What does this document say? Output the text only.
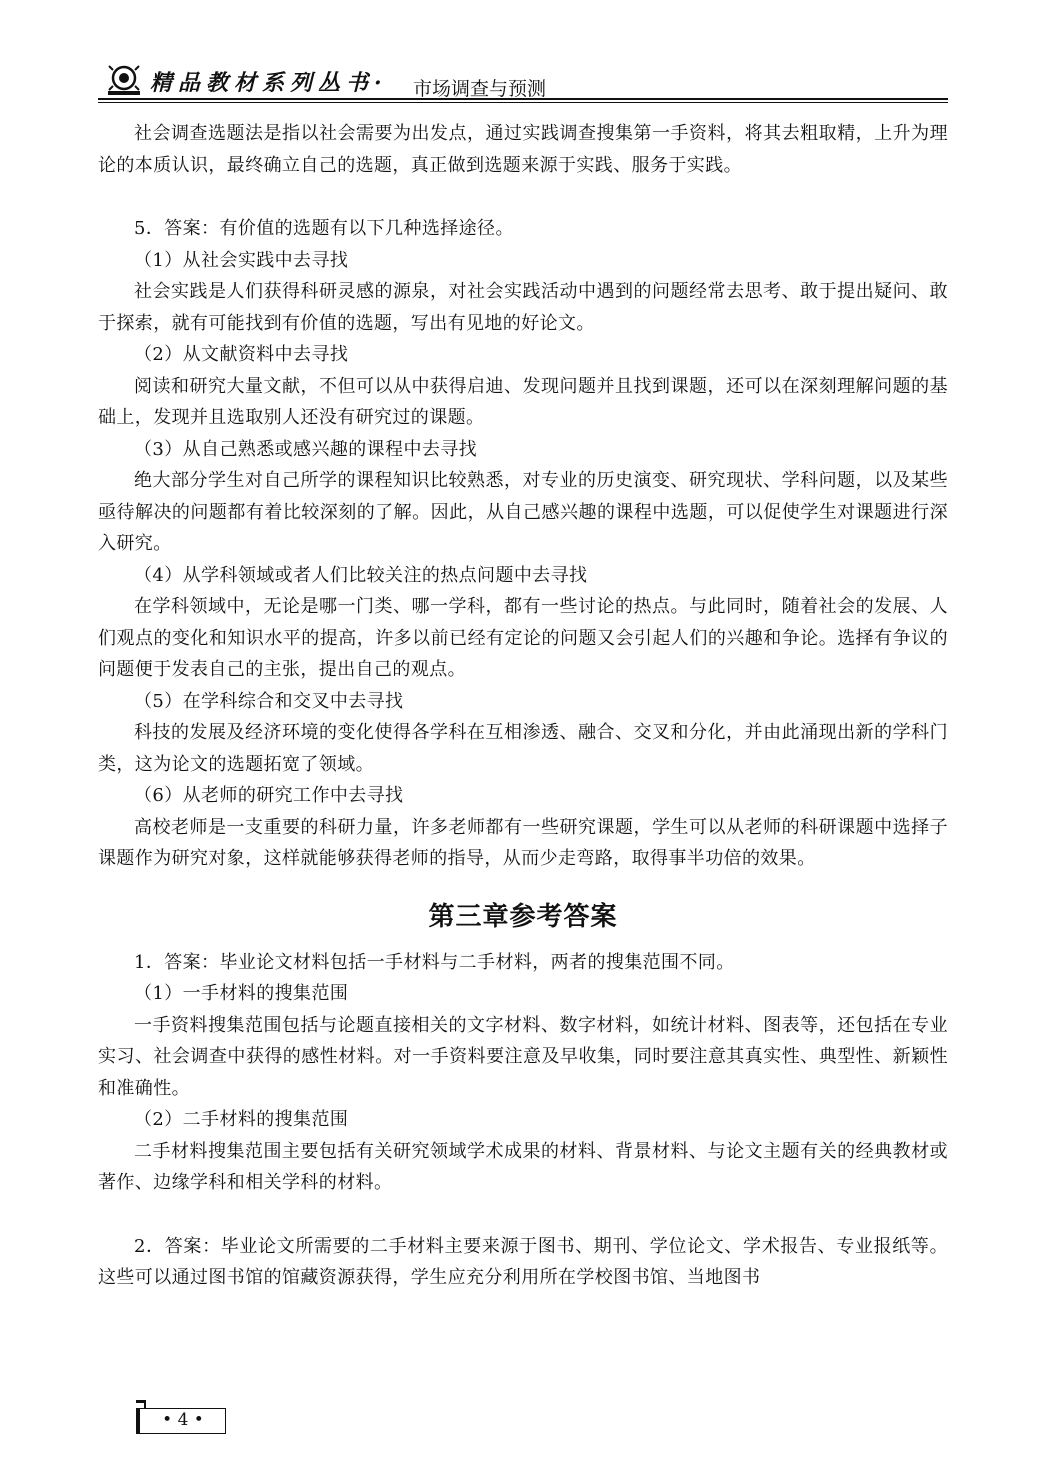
精品教材系列丛书· 市场调查与预测

社会调查选题法是指以社会需要为出发点，通过实践调查搜集第一手资料，将其去粗取精，上升为理论的本质认识，最终确立自己的选题，真正做到选题来源于实践、服务于实践。

5．答案：有价值的选题有以下几种选择途径。

（1）从社会实践中去寻找

社会实践是人们获得科研灵感的源泉，对社会实践活动中遇到的问题经常去思考、敢于提出疑问、敢于探索，就有可能找到有价值的选题，写出有见地的好论文。

（2）从文献资料中去寻找

阅读和研究大量文献，不但可以从中获得启迪、发现问题并且找到课题，还可以在深刻理解问题的基础上，发现并且选取别人还没有研究过的课题。

（3）从自己熟悉或感兴趣的课程中去寻找

绝大部分学生对自己所学的课程知识比较熟悉，对专业的历史演变、研究现状、学科问题，以及某些亟待解决的问题都有着比较深刻的了解。因此，从自己感兴趣的课程中选题，可以促使学生对课题进行深入研究。

（4）从学科领域或者人们比较关注的热点问题中去寻找

在学科领域中，无论是哪一门类、哪一学科，都有一些讨论的热点。与此同时，随着社会的发展、人们观点的变化和知识水平的提高，许多以前已经有定论的问题又会引起人们的兴趣和争论。选择有争议的问题便于发表自己的主张，提出自己的观点。

（5）在学科综合和交叉中去寻找

科技的发展及经济环境的变化使得各学科在互相渗透、融合、交叉和分化，并由此涌现出新的学科门类，这为论文的选题拓宽了领域。

（6）从老师的研究工作中去寻找

高校老师是一支重要的科研力量，许多老师都有一些研究课题，学生可以从老师的科研课题中选择子课题作为研究对象，这样就能够获得老师的指导，从而少走弯路，取得事半功倍的效果。

第三章参考答案

1．答案：毕业论文材料包括一手材料与二手材料，两者的搜集范围不同。

（1）一手材料的搜集范围

一手资料搜集范围包括与论题直接相关的文字材料、数字材料，如统计材料、图表等，还包括在专业实习、社会调查中获得的感性材料。对一手资料要注意及早收集，同时要注意其真实性、典型性、新颖性和准确性。

（2）二手材料的搜集范围

二手材料搜集范围主要包括有关研究领域学术成果的材料、背景材料、与论文主题有关的经典教材或著作、边缘学科和相关学科的材料。

2．答案：毕业论文所需要的二手材料主要来源于图书、期刊、学位论文、学术报告、专业报纸等。这些可以通过图书馆的馆藏资源获得，学生应充分利用所在学校图书馆、当地图书

• 4 •
